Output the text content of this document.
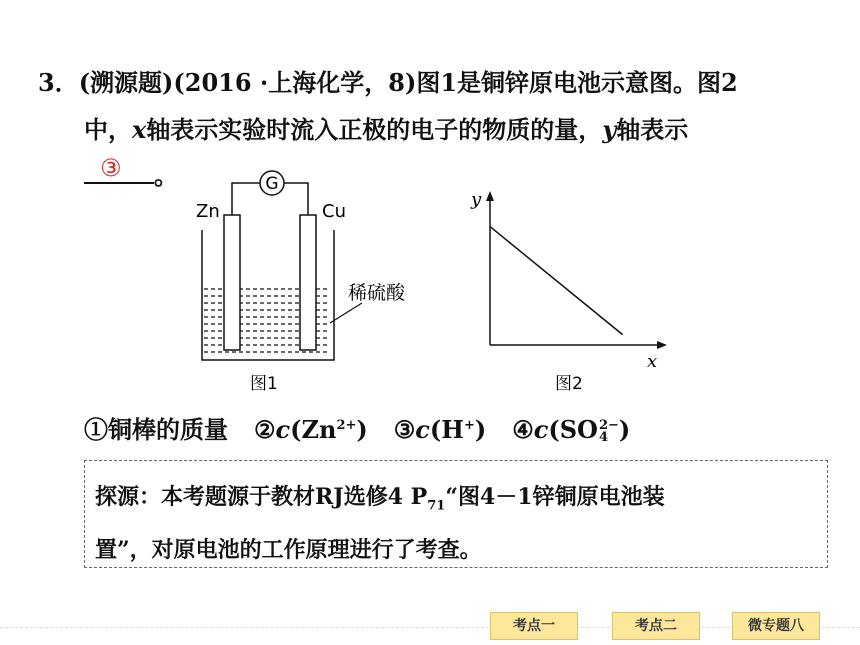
3．(溯源题)(2016 ·上海化学，8)图1是铜锌原电池示意图。图2
中，x轴表示实验时流入正极的电子的物质的量，y轴表示
③ 。	G
Zn	Cu
稀硫酸
图1
y
x
图2
①铜棒的质量 $②c(Zn^{2+})$ ③c(H+) ④c(SO2−
4 )
探源：本考题源于教材RJ选修4 $P_{71}“$图4－1锌铜原电池装
置”，对原电池的工作原理进行了考查。
考点一	考点二	微专题八
